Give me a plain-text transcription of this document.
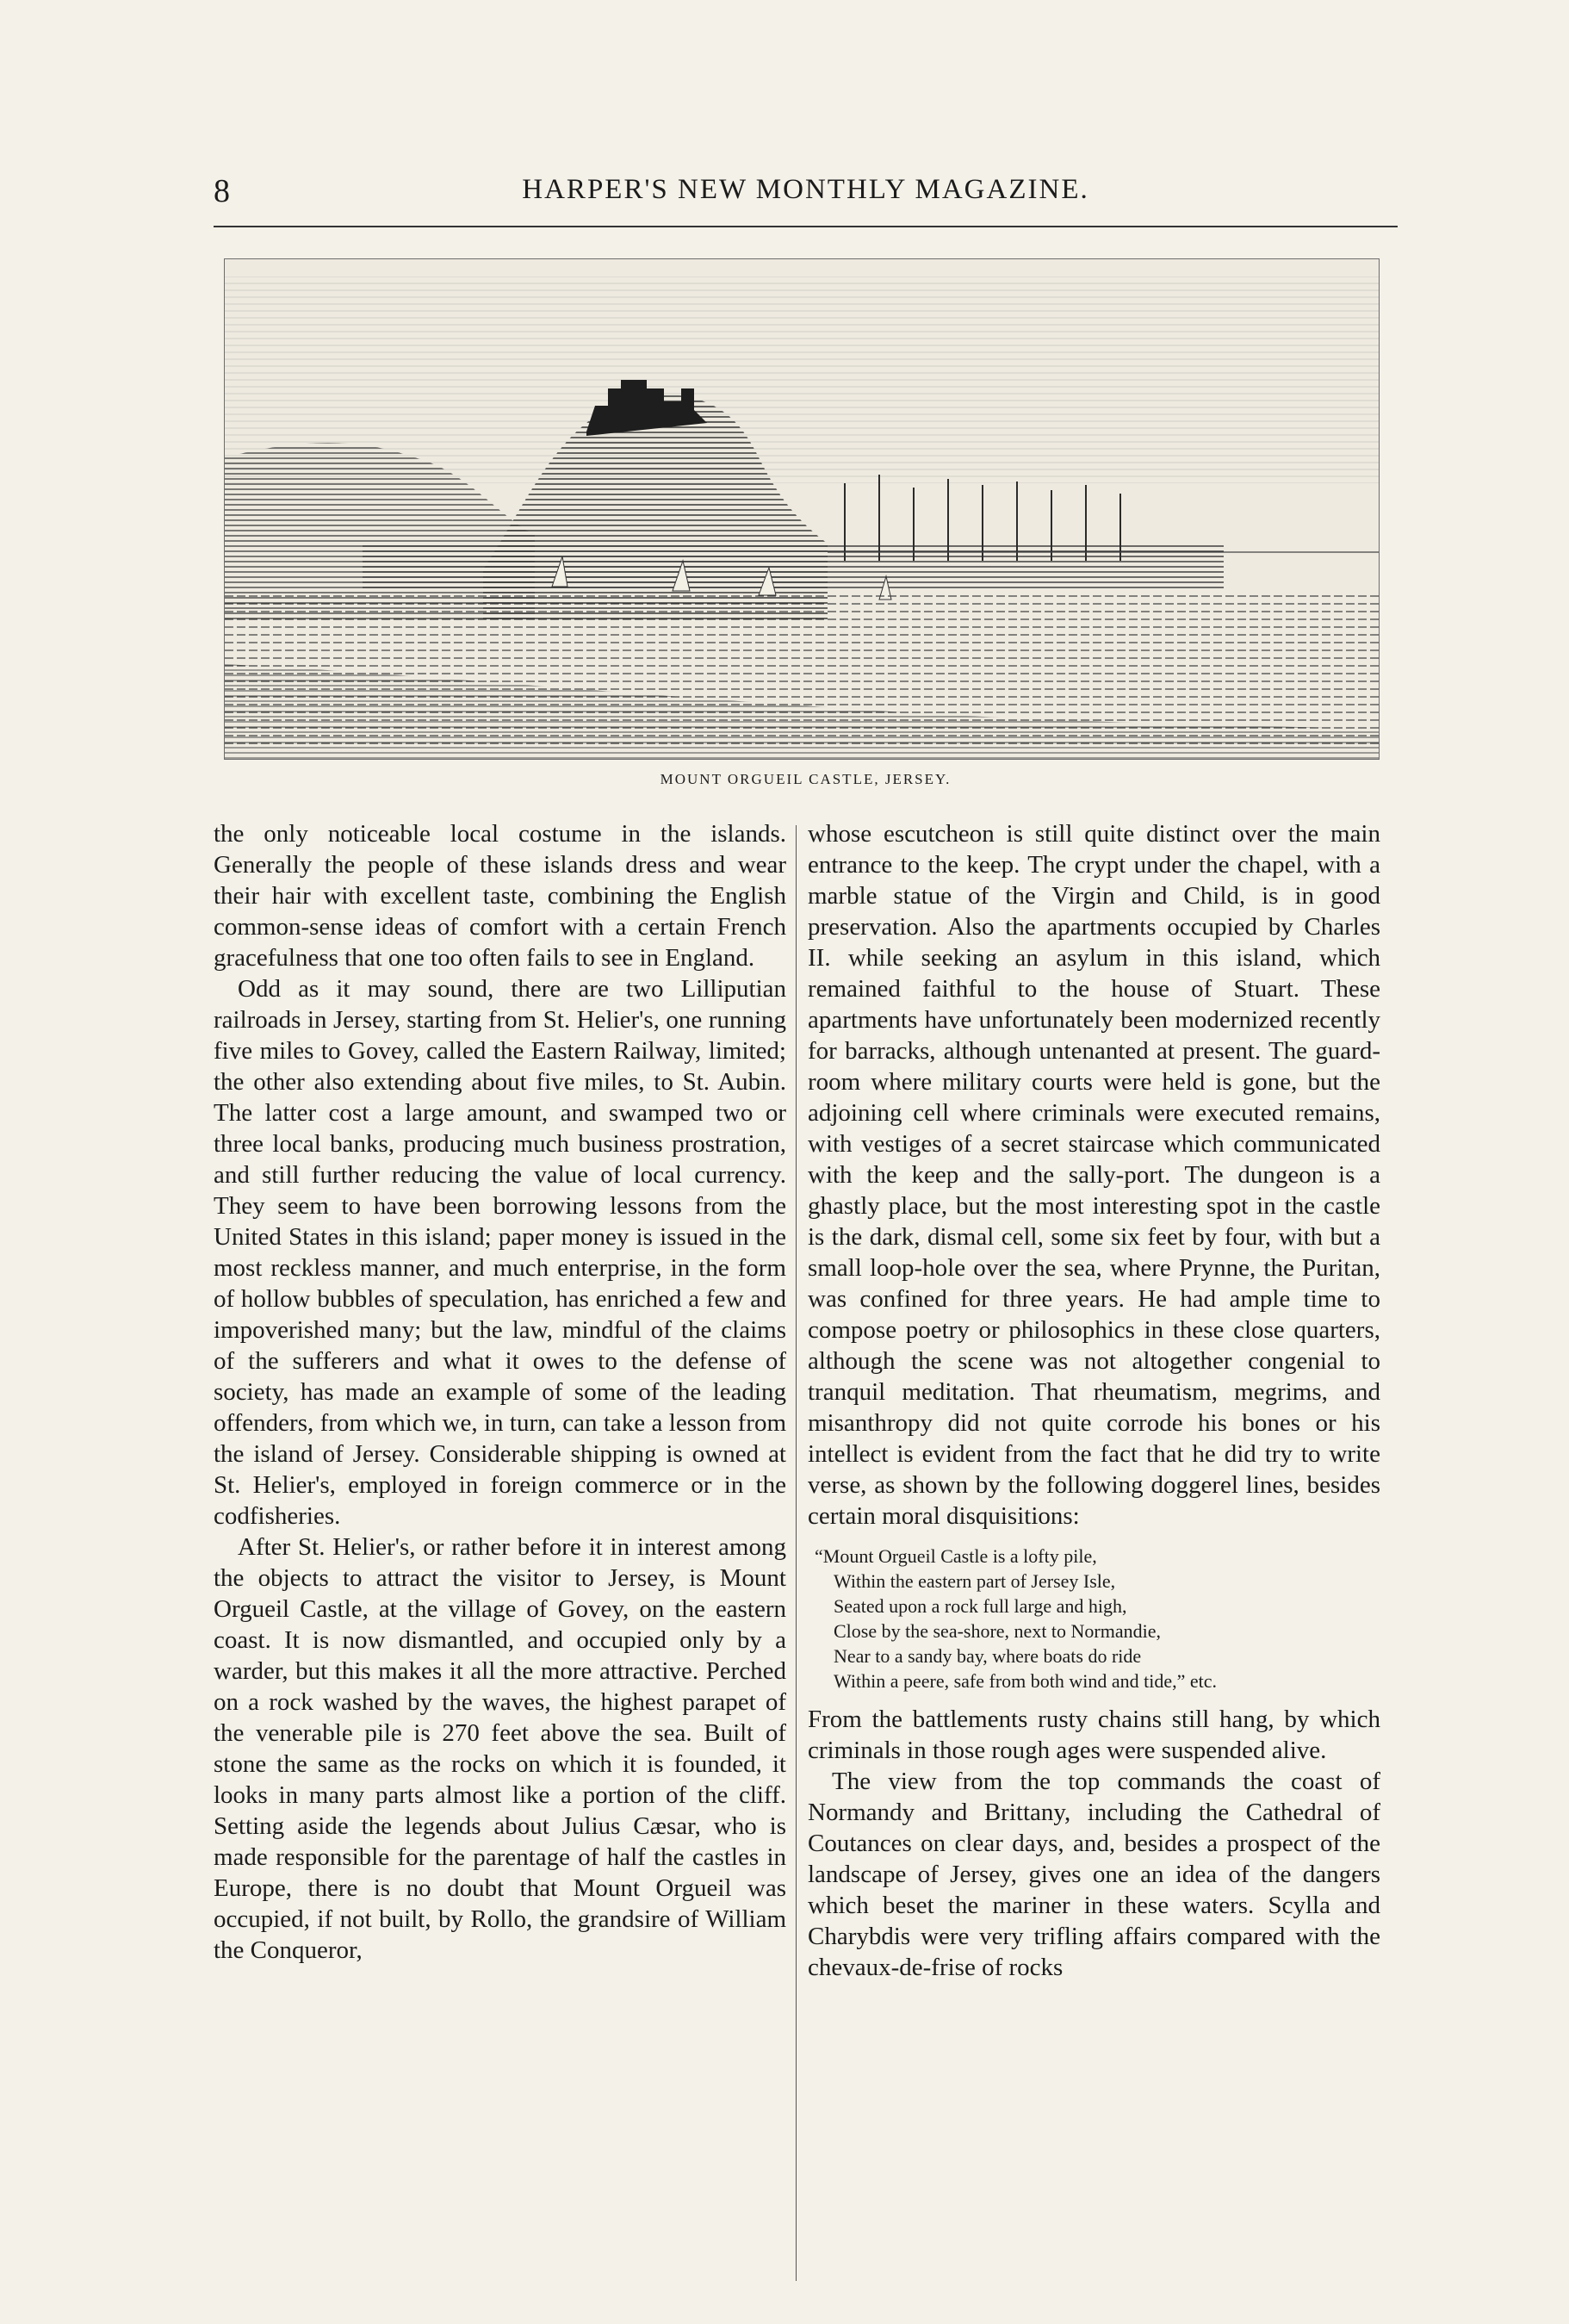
8	HARPER'S NEW MONTHLY MAGAZINE.
MOUNT ORGUEIL CASTLE, JERSEY.

the only noticeable local costume in the islands. Generally the people of these islands dress and wear their hair with excellent taste, combining the English common-sense ideas of comfort with a certain French gracefulness that one too often fails to see in England.

Odd as it may sound, there are two Lilliputian railroads in Jersey, starting from St. Helier's, one running five miles to Govey, called the Eastern Railway, limited; the other also extending about five miles, to St. Aubin. The latter cost a large amount, and swamped two or three local banks, producing much business prostration, and still further reducing the value of local currency. They seem to have been borrowing lessons from the United States in this island; paper money is issued in the most reckless manner, and much enterprise, in the form of hollow bubbles of speculation, has enriched a few and impoverished many; but the law, mindful of the claims of the sufferers and what it owes to the defense of society, has made an example of some of the leading offenders, from which we, in turn, can take a lesson from the island of Jersey. Considerable shipping is owned at St. Helier's, employed in foreign commerce or in the codfisheries.

After St. Helier's, or rather before it in interest among the objects to attract the visitor to Jersey, is Mount Orgueil Castle, at the village of Govey, on the eastern coast. It is now dismantled, and occupied only by a warder, but this makes it all the more attractive. Perched on a rock washed by the waves, the highest parapet of the venerable pile is 270 feet above the sea. Built of stone the same as the rocks on which it is founded, it looks in many parts almost like a portion of the cliff. Setting aside the legends about Julius Cæsar, who is made responsible for the parentage of half the castles in Europe, there is no doubt that Mount Orgueil was occupied, if not built, by Rollo, the grandsire of William the Conqueror,

whose escutcheon is still quite distinct over the main entrance to the keep. The crypt under the chapel, with a marble statue of the Virgin and Child, is in good preservation. Also the apartments occupied by Charles II. while seeking an asylum in this island, which remained faithful to the house of Stuart. These apartments have unfortunately been modernized recently for barracks, although untenanted at present. The guard-room where military courts were held is gone, but the adjoining cell where criminals were executed remains, with vestiges of a secret staircase which communicated with the keep and the sally-port. The dungeon is a ghastly place, but the most interesting spot in the castle is the dark, dismal cell, some six feet by four, with but a small loop-hole over the sea, where Prynne, the Puritan, was confined for three years. He had ample time to compose poetry or philosophics in these close quarters, although the scene was not altogether congenial to tranquil meditation. That rheumatism, megrims, and misanthropy did not quite corrode his bones or his intellect is evident from the fact that he did try to write verse, as shown by the following doggerel lines, besides certain moral disquisitions:

“Mount Orgueil Castle is a lofty pile,
Within the eastern part of Jersey Isle,
Seated upon a rock full large and high,
Close by the sea-shore, next to Normandie,
Near to a sandy bay, where boats do ride
Within a peere, safe from both wind and tide,” etc.

From the battlements rusty chains still hang, by which criminals in those rough ages were suspended alive.

The view from the top commands the coast of Normandy and Brittany, including the Cathedral of Coutances on clear days, and, besides a prospect of the landscape of Jersey, gives one an idea of the dangers which beset the mariner in these waters. Scylla and Charybdis were very trifling affairs compared with the chevaux-de-frise of rocks
